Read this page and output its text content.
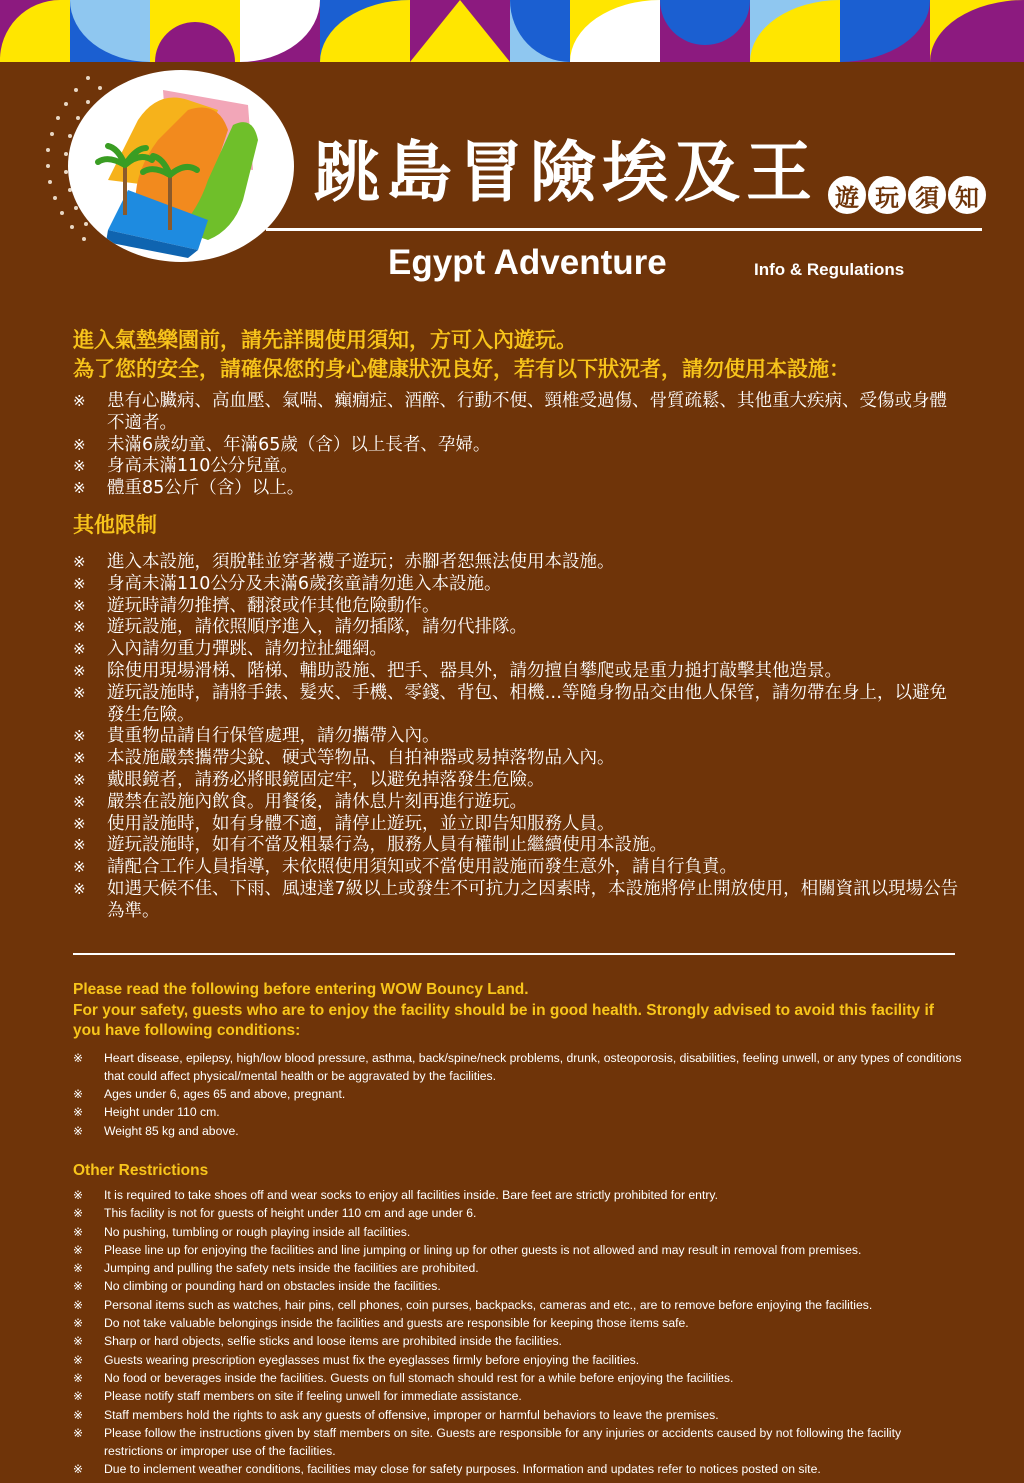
跳島冒險埃及王 遊 玩 須 知
Egypt Adventure	Info & Regulations
進入氣墊樂園前，請先詳閱使用須知，方可入內遊玩。
為了您的安全，請確保您的身心健康狀況良好，若有以下狀況者，請勿使用本設施：
※ 患有心臟病、高血壓、氣喘、癲癇症、酒醉、行動不便、頸椎受過傷、骨質疏鬆、其他重大疾病、受傷或身體不適者。
※ 未滿6歲幼童、年滿65歲（含）以上長者、孕婦。
※ 身高未滿110公分兒童。
※ 體重85公斤（含）以上。
其他限制
※ 進入本設施，須脫鞋並穿著襪子遊玩；赤腳者恕無法使用本設施。
※ 身高未滿110公分及未滿6歲孩童請勿進入本設施。
※ 遊玩時請勿推擠、翻滾或作其他危險動作。
※ 遊玩設施，請依照順序進入，請勿插隊，請勿代排隊。
※ 入內請勿重力彈跳、請勿拉扯繩網。
※ 除使用現場滑梯、階梯、輔助設施、把手、器具外，請勿擅自攀爬或是重力搥打敲擊其他造景。
※ 遊玩設施時，請將手錶、髮夾、手機、零錢、背包、相機…等隨身物品交由他人保管，請勿帶在身上，以避免發生危險。
※ 貴重物品請自行保管處理，請勿攜帶入內。
※ 本設施嚴禁攜帶尖銳、硬式等物品、自拍神器或易掉落物品入內。
※ 戴眼鏡者，請務必將眼鏡固定牢，以避免掉落發生危險。
※ 嚴禁在設施內飲食。用餐後，請休息片刻再進行遊玩。
※ 使用設施時，如有身體不適，請停止遊玩，並立即告知服務人員。
※ 遊玩設施時，如有不當及粗暴行為，服務人員有權制止繼續使用本設施。
※ 請配合工作人員指導，未依照使用須知或不當使用設施而發生意外，請自行負責。
※ 如遇天候不佳、下雨、風速達7級以上或發生不可抗力之因素時，本設施將停止開放使用，相關資訊以現場公告為準。
Please read the following before entering WOW Bouncy Land.
For your safety, guests who are to enjoy the facility should be in good health. Strongly advised to avoid this facility if you have following conditions:
※ Heart disease, epilepsy, high/low blood pressure, asthma, back/spine/neck problems, drunk, osteoporosis, disabilities, feeling unwell, or any types of conditions that could affect physical/mental health or be aggravated by the facilities.
※ Ages under 6, ages 65 and above, pregnant.
※ Height under 110 cm.
※ Weight 85 kg and above.
Other Restrictions
※ It is required to take shoes off and wear socks to enjoy all facilities inside. Bare feet are strictly prohibited for entry.
※ This facility is not for guests of height under 110 cm and age under 6.
※ No pushing, tumbling or rough playing inside all facilities.
※ Please line up for enjoying the facilities and line jumping or lining up for other guests is not allowed and may result in removal from premises.
※ Jumping and pulling the safety nets inside the facilities are prohibited.
※ No climbing or pounding hard on obstacles inside the facilities.
※ Personal items such as watches, hair pins, cell phones, coin purses, backpacks, cameras and etc., are to remove before enjoying the facilities.
※ Do not take valuable belongings inside the facilities and guests are responsible for keeping those items safe.
※ Sharp or hard objects, selfie sticks and loose items are prohibited inside the facilities.
※ Guests wearing prescription eyeglasses must fix the eyeglasses firmly before enjoying the facilities.
※ No food or beverages inside the facilities. Guests on full stomach should rest for a while before enjoying the facilities.
※ Please notify staff members on site if feeling unwell for immediate assistance.
※ Staff members hold the rights to ask any guests of offensive, improper or harmful behaviors to leave the premises.
※ Please follow the instructions given by staff members on site. Guests are responsible for any injuries or accidents caused by not following the facility restrictions or improper use of the facilities.
※ Due to inclement weather conditions, facilities may close for safety purposes. Information and updates refer to notices posted on site.
